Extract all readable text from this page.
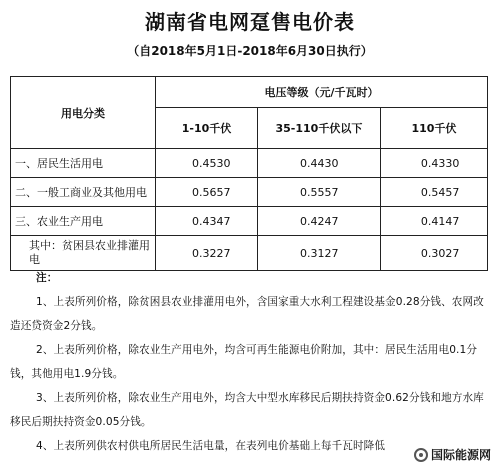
湖南省电网趸售电价表
（自2018年5月1日-2018年6月30日执行）
用电分类	电压等级（元/千瓦时）		
	1-10千伏	35-110千伏以下	110千伏
一、居民生活用电	0.4530	0.4430	0.4330
二、一般工商业及其他用电	0.5657	0.5557	0.5457
三、农业生产用电	0.4347	0.4247	0.4147
其中：贫困县农业排灌用电	0.3227	0.3127	0.3027
注：
1、上表所列价格，除贫困县农业排灌用电外，含国家重大水利工程建设基金0.28分钱、农网改造还贷资金2分钱。
2、上表所列价格，除农业生产用电外，均含可再生能源电价附加，其中：居民生活用电0.1分钱，其他用电1.9分钱。
3、上表所列价格，除农业生产用电外，均含大中型水库移民后期扶持资金0.62分钱和地方水库移民后期扶持资金0.05分钱。
4、上表所列供农村供电所居民生活电量，在表列电价基础上每千瓦时降低
国际能源网
